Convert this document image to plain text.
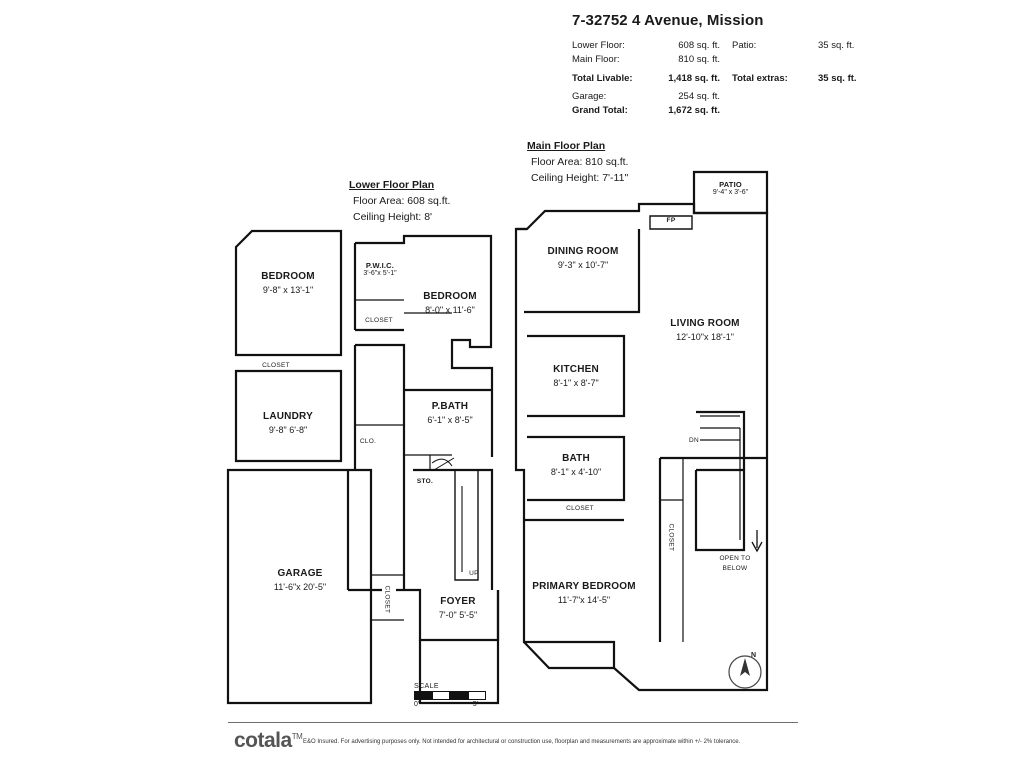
7-32752 4 Avenue, Mission
Lower Floor:	608 sq. ft.	Patio:	35 sq. ft.
Main Floor:	810 sq. ft.
Total Livable:	1,418 sq. ft.	Total extras:	35 sq. ft.
Garage:	254 sq. ft.
Grand Total:	1,672 sq. ft.
Lower Floor Plan
Floor Area: 608 sq.ft.
Ceiling Height: 8'
Main Floor Plan
Floor Area: 810 sq.ft.
Ceiling Height: 7'-11"
BEDROOM
9'-8" x 13'-1"
BEDROOM
8'-0" x 11'-6"
LAUNDRY
9'-8" 6'-8"
P.BATH
6'-1" x 8'-5"
GARAGE
11'-6"x 20'-5"
FOYER
7'-0" 5'-5"
P.W.I.C.
3'-6"x 5'-1"
CLOSET
CLOSET
CLO.
STO.
UP
CLOSET
DINING ROOM
9'-3" x 10'-7"
LIVING ROOM
12'-10"x 18'-1"
KITCHEN
8'-1" x 8'-7"
BATH
8'-1" x 4'-10"
PRIMARY BEDROOM
11'-7"x 14'-5"
PATIO
9'-4" x 3'-6"
FP
DN
CLOSET
CLOSET
OPEN TO
BELOW
N
SCALE
0'	5'
cotala™
E&O Insured. For advertising purposes only. Not intended for architectural or construction use, floorplan and measurements are approximate within +/- 2% tolerance.
